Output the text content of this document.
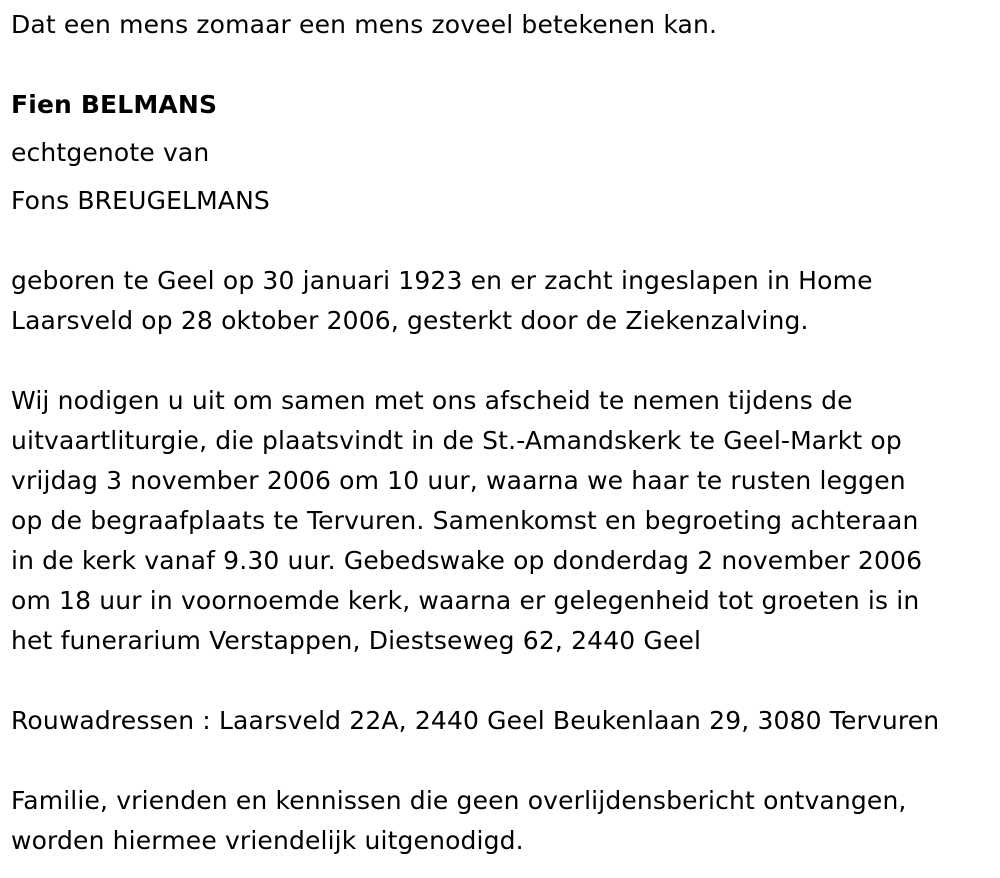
Dat een mens zomaar een mens zoveel betekenen kan.
Fien BELMANS
echtgenote van
Fons BREUGELMANS
geboren te Geel op 30 januari 1923 en er zacht ingeslapen in Home
Laarsveld op 28 oktober 2006, gesterkt door de Ziekenzalving.
Wij nodigen u uit om samen met ons afscheid te nemen tijdens de
uitvaartliturgie, die plaatsvindt in de St.-Amandskerk te Geel-Markt op
vrijdag 3 november 2006 om 10 uur, waarna we haar te rusten leggen
op de begraafplaats te Tervuren. Samenkomst en begroeting achteraan
in de kerk vanaf 9.30 uur. Gebedswake op donderdag 2 november 2006
om 18 uur in voornoemde kerk, waarna er gelegenheid tot groeten is in
het funerarium Verstappen, Diestseweg 62, 2440 Geel
Rouwadressen : Laarsveld 22A, 2440 Geel Beukenlaan 29, 3080 Tervuren
Familie, vrienden en kennissen die geen overlijdensbericht ontvangen,
worden hiermee vriendelijk uitgenodigd.
